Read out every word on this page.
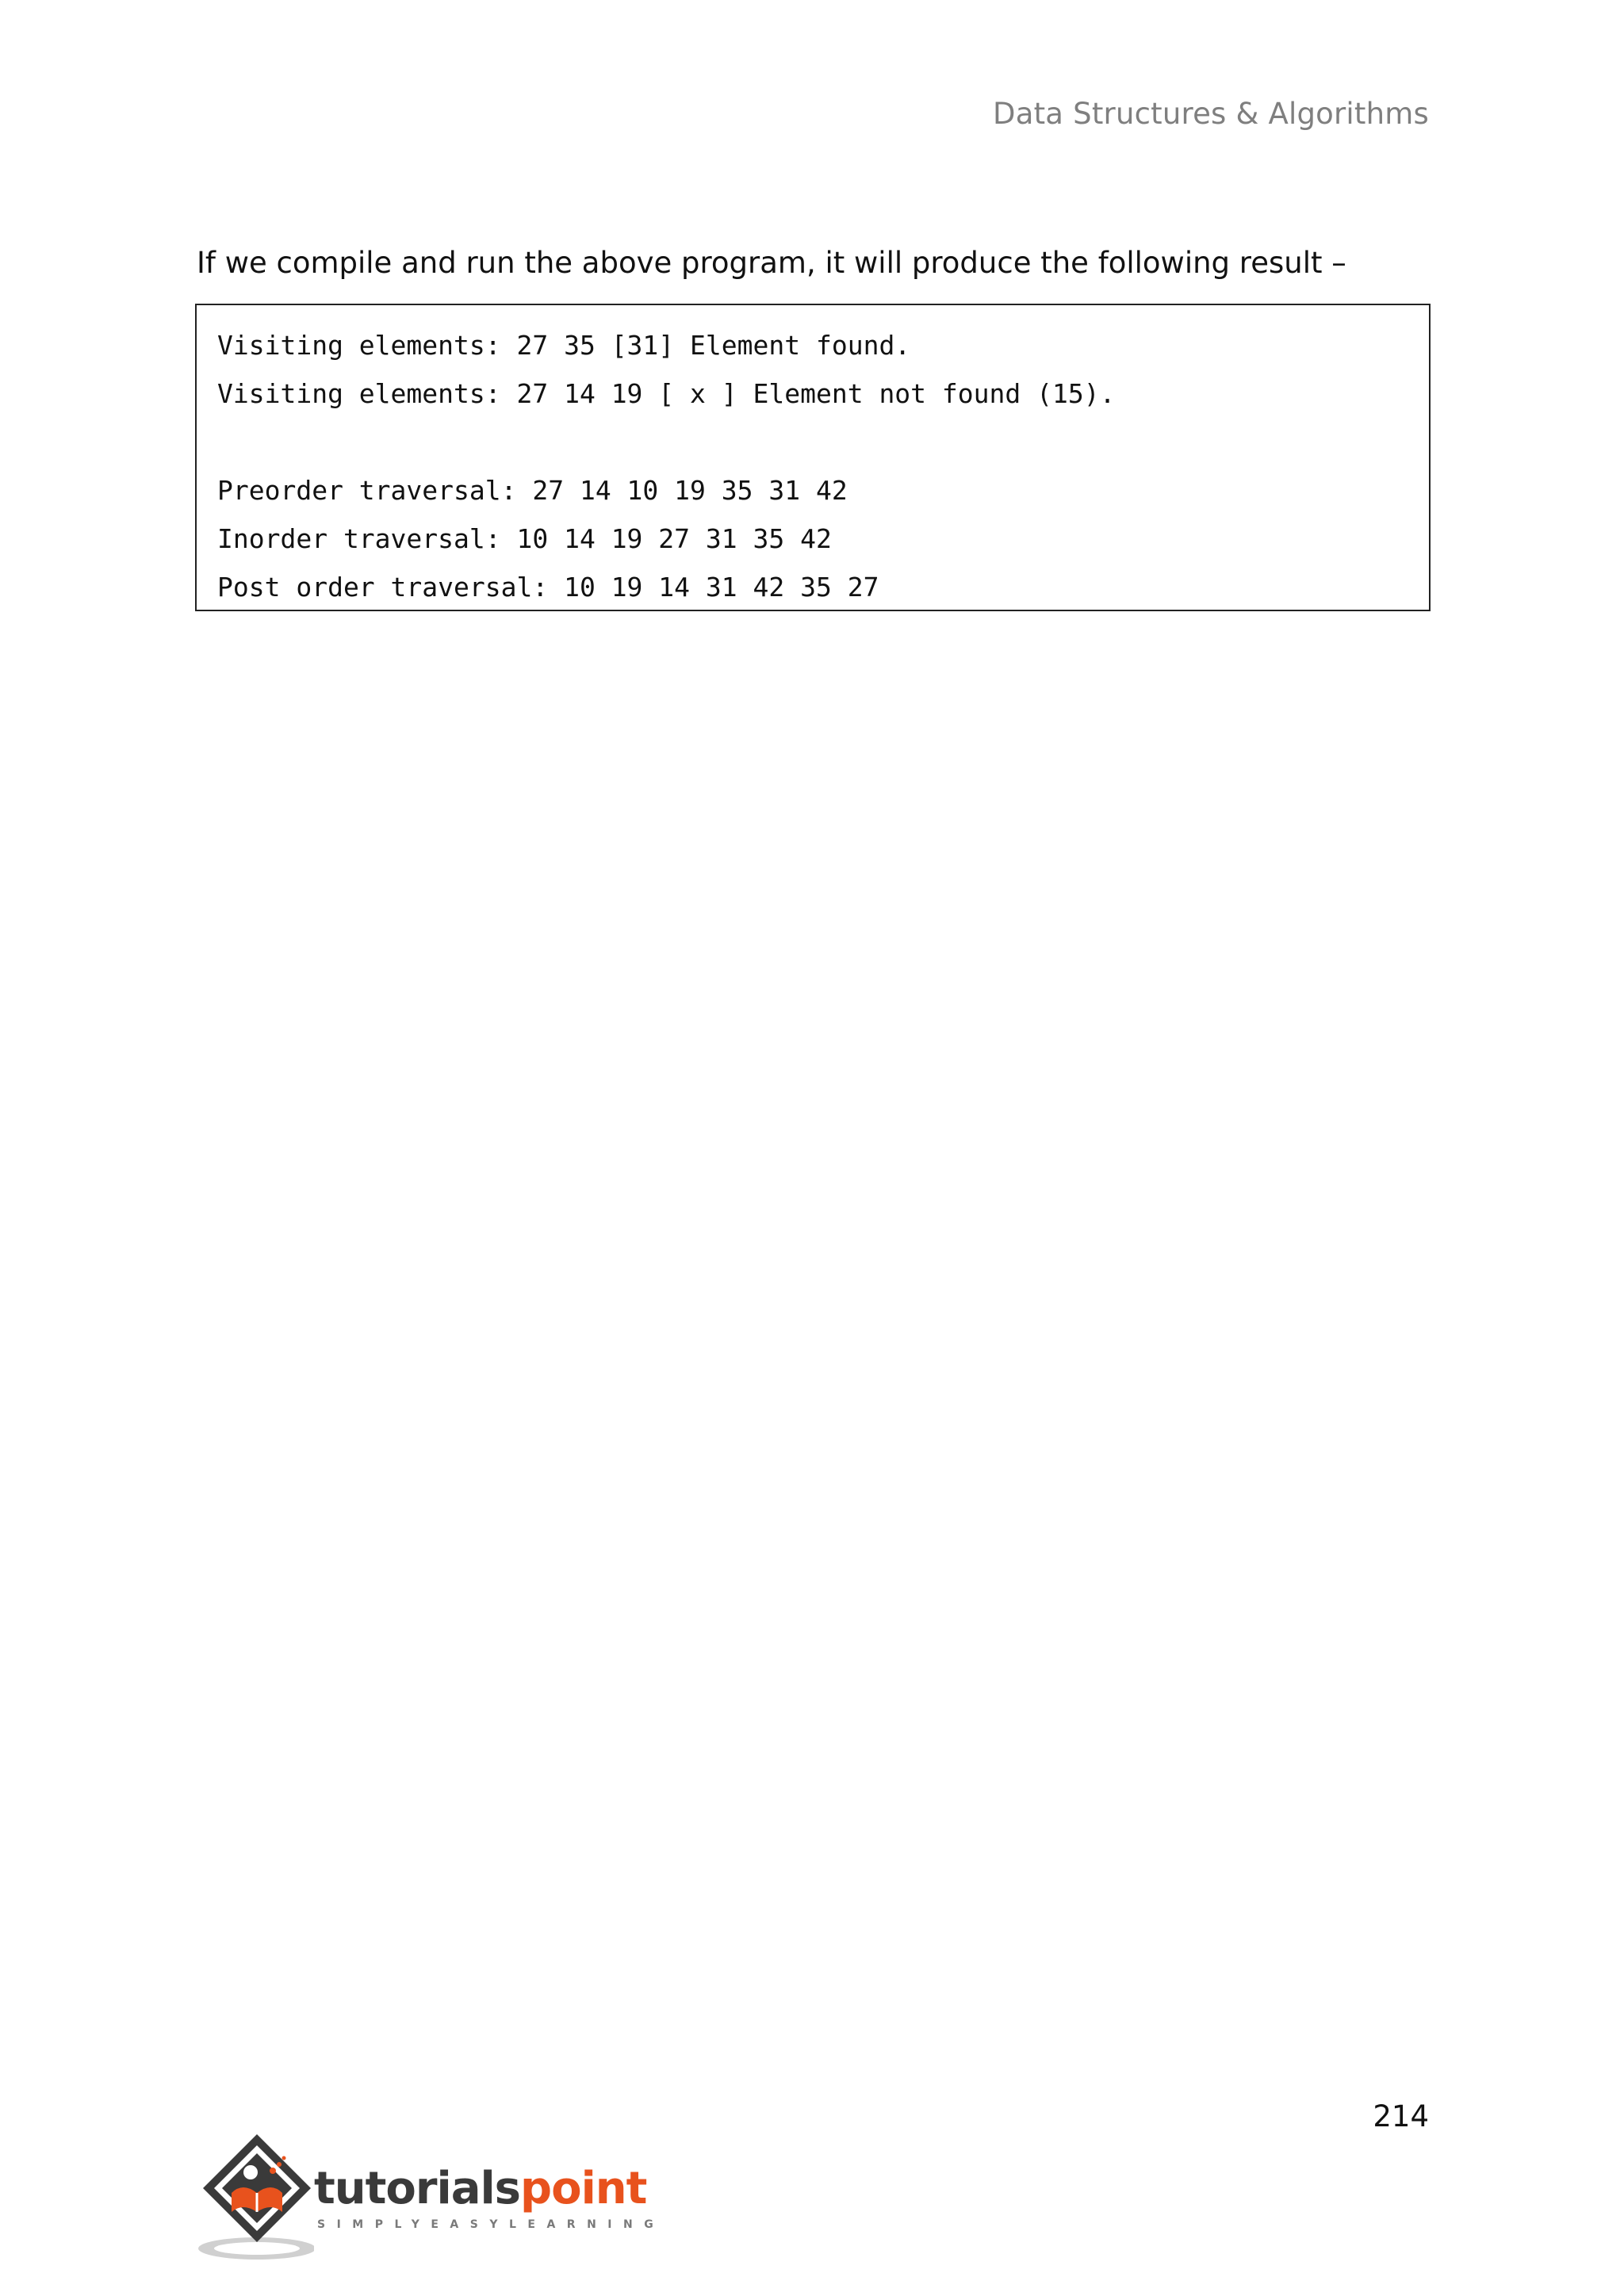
Data Structures & Algorithms
If we compile and run the above program, it will produce the following result –
Visiting elements: 27 35 [31] Element found.
Visiting elements: 27 14 19 [ x ] Element not found (15).
Preorder traversal: 27 14 10 19 35 31 42
Inorder traversal: 10 14 19 27 31 35 42
Post order traversal: 10 19 14 31 42 35 27
214
tutorialspoint
SIMPLYEASYLEARNING
